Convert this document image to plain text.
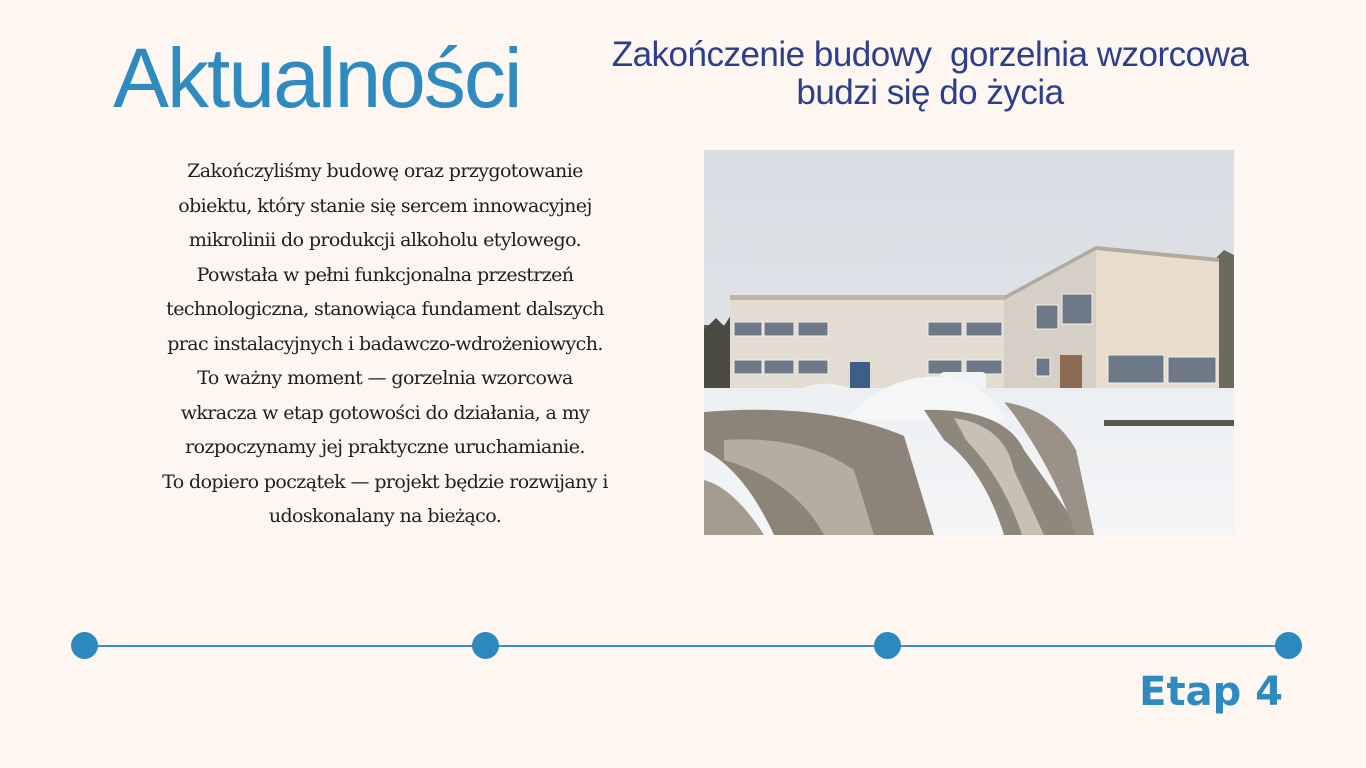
Aktualności	Zakończenie budowy  gorzelnia wzorcowa
budzi się do życia
Zakończyliśmy budowę oraz przygotowanie
obiektu, który stanie się sercem innowacyjnej
mikrolinii do produkcji alkoholu etylowego.
Powstała w pełni funkcjonalna przestrzeń
technologiczna, stanowiąca fundament dalszych
prac instalacyjnych i badawczo-wdrożeniowych.
To ważny moment — gorzelnia wzorcowa
wkracza w etap gotowości do działania, a my
rozpoczynamy jej praktyczne uruchamianie.
To dopiero początek — projekt będzie rozwijany i
udoskonalany na bieżąco.
Etap 4
